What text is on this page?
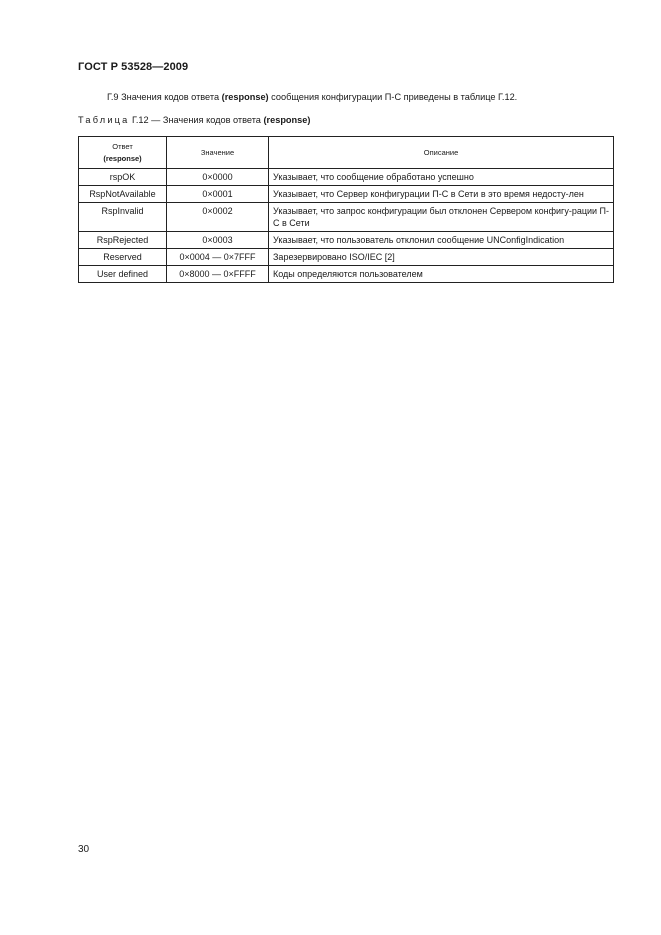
ГОСТ Р 53528—2009
Г.9 Значения кодов ответа (response) сообщения конфигурации П-С приведены в таблице Г.12.
Таблица Г.12 — Значения кодов ответа (response)
Ответ
(response)	Значение	Описание
rspOK	0×0000	Указывает, что сообщение обработано успешно
RspNotAvailable	0×0001	Указывает, что Сервер конфигурации П-С в Сети в это время недосту-лен
RspInvalid	0×0002	Указывает, что запрос конфигурации был отклонен Сервером конфигу-рации П-С в Сети
RspRejected	0×0003	Указывает, что пользователь отклонил сообщение UNConfigIndication
Reserved	0×0004 — 0×7FFF	Зарезервировано ISO/IEC [2]
User defined	0×8000 — 0×FFFF	Коды определяются пользователем
30
